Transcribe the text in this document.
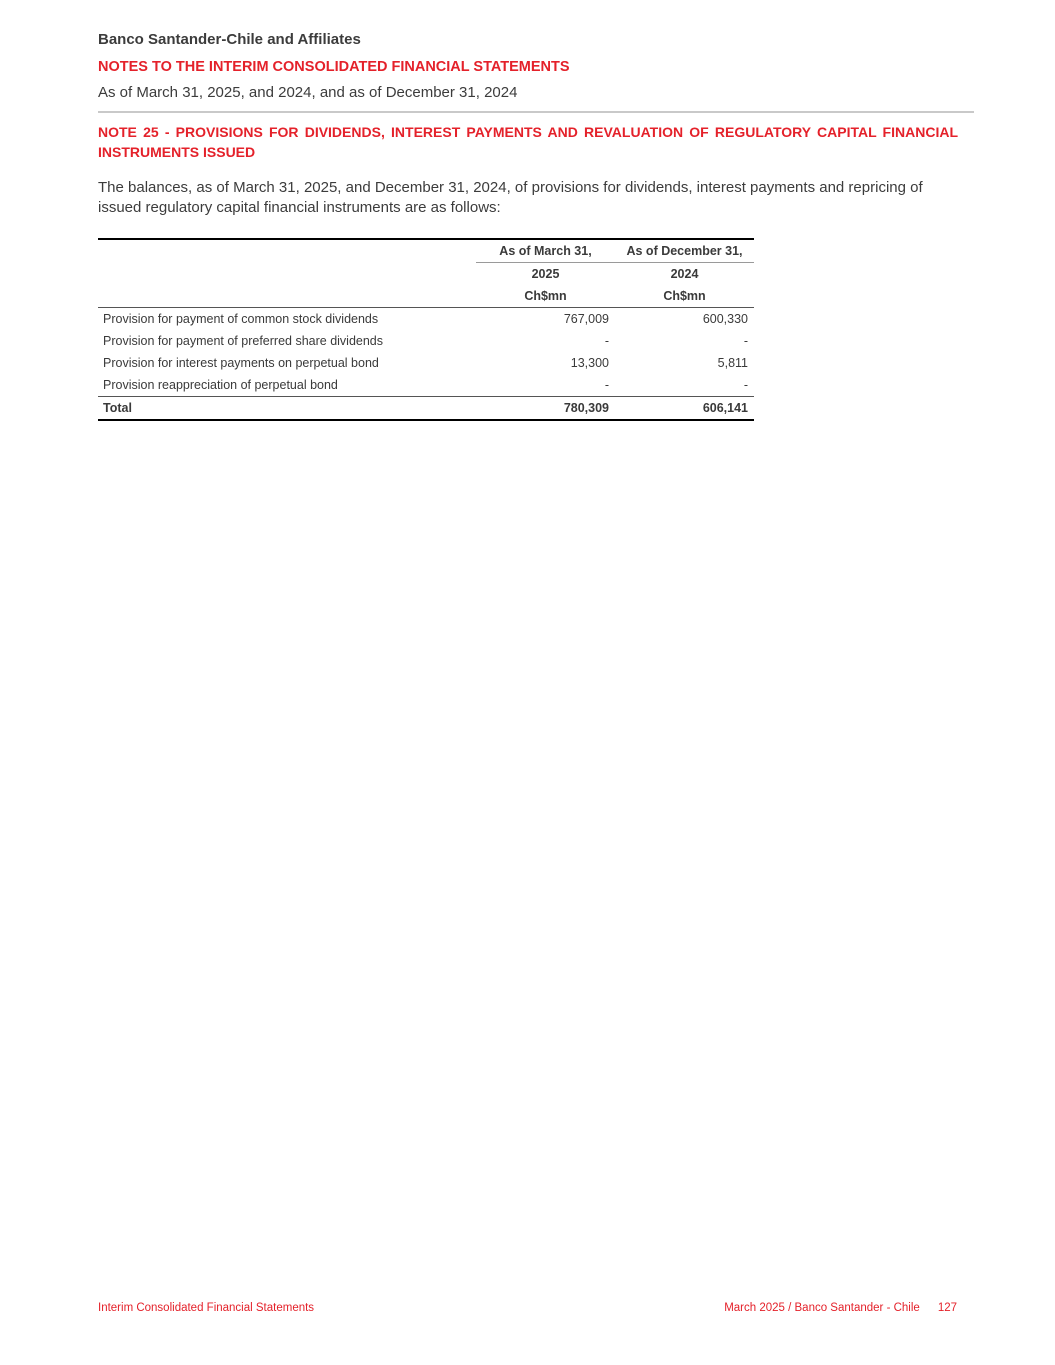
Banco Santander-Chile and Affiliates
NOTES TO THE INTERIM CONSOLIDATED FINANCIAL STATEMENTS
As of March 31, 2025, and 2024, and as of December 31, 2024
NOTE 25 - PROVISIONS FOR DIVIDENDS, INTEREST PAYMENTS AND REVALUATION OF REGULATORY CAPITAL FINANCIAL INSTRUMENTS ISSUED
The balances, as of March 31, 2025, and December 31, 2024, of provisions for dividends, interest payments and repricing of issued regulatory capital financial instruments are as follows:
	As of March 31,	As of December 31,
	2025	2024
	Ch$mn	Ch$mn
Provision for payment of common stock dividends	767,009	600,330
Provision for payment of preferred share dividends	-	-
Provision for interest payments on perpetual bond	13,300	5,811
Provision reappreciation of perpetual bond	-	-
Total	780,309	606,141
Interim Consolidated Financial Statements	March 2025 / Banco Santander - Chile 127
